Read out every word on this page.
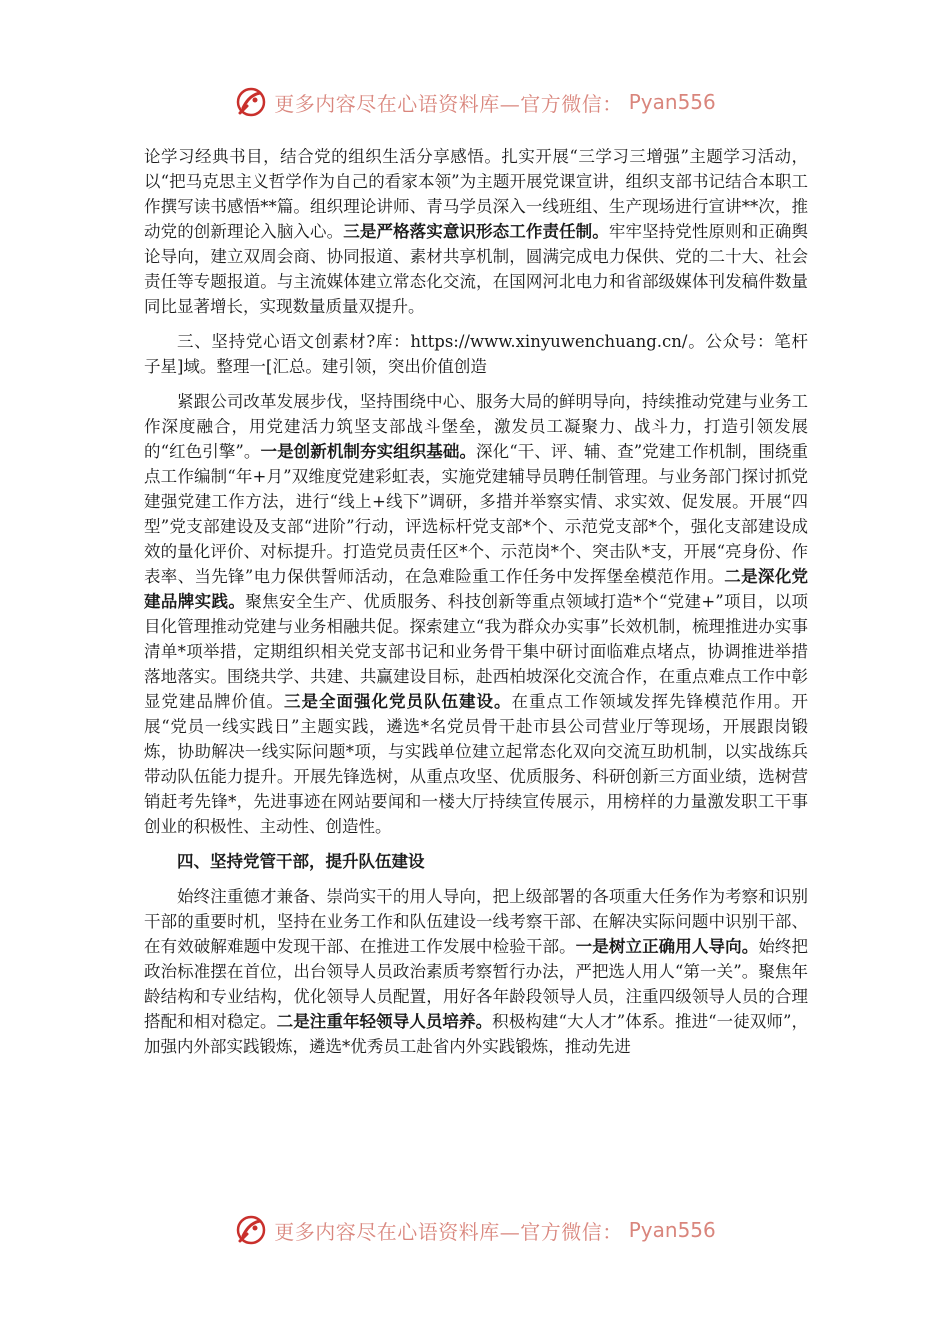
更多内容尽在心语资料库—官方微信： Pyan556

论学习经典书目，结合党的组织生活分享感悟。扎实开展“三学习三增强”主题学习活动，以“把马克思主义哲学作为自己的看家本领”为主题开展党课宣讲，组织支部书记结合本职工作撰写读书感悟**篇。组织理论讲师、青马学员深入一线班组、生产现场进行宣讲**次，推动党的创新理论入脑入心。三是严格落实意识形态工作责任制。牢牢坚持党性原则和正确舆论导向，建立双周会商、协同报道、素材共享机制，圆满完成电力保供、党的二十大、社会责任等专题报道。与主流媒体建立常态化交流，在国网河北电力和省部级媒体刊发稿件数量同比显著增长，实现数量质量双提升。

三、坚持党心语文创素材?库：https://www.xinyuwenchuang.cn/。公众号：笔杆子星]域。整理一[汇总。建引领，突出价值创造

紧跟公司改革发展步伐，坚持围绕中心、服务大局的鲜明导向，持续推动党建与业务工作深度融合，用党建活力筑坚支部战斗堡垒，激发员工凝聚力、战斗力，打造引领发展的“红色引擎”。一是创新机制夯实组织基础。深化“干、评、辅、查”党建工作机制，围绕重点工作编制“年+月”双维度党建彩虹表，实施党建辅导员聘任制管理。与业务部门探讨抓党建强党建工作方法，进行“线上+线下”调研，多措并举察实情、求实效、促发展。开展“四型”党支部建设及支部“进阶”行动，评选标杆党支部*个、示范党支部*个，强化支部建设成效的量化评价、对标提升。打造党员责任区*个、示范岗*个、突击队*支，开展“亮身份、作表率、当先锋”电力保供誓师活动，在急难险重工作任务中发挥堡垒模范作用。二是深化党建品牌实践。聚焦安全生产、优质服务、科技创新等重点领域打造*个“党建+”项目，以项目化管理推动党建与业务相融共促。探索建立“我为群众办实事”长效机制，梳理推进办实事清单*项举措，定期组织相关党支部书记和业务骨干集中研讨面临难点堵点，协调推进举措落地落实。围绕共学、共建、共赢建设目标，赴西柏坡深化交流合作，在重点难点工作中彰显党建品牌价值。三是全面强化党员队伍建设。在重点工作领域发挥先锋模范作用。开展“党员一线实践日”主题实践，遴选*名党员骨干赴市县公司营业厅等现场，开展跟岗锻炼，协助解决一线实际问题*项，与实践单位建立起常态化双向交流互助机制，以实战练兵带动队伍能力提升。开展先锋选树，从重点攻坚、优质服务、科研创新三方面业绩，选树营销赶考先锋*，先进事迹在网站要闻和一楼大厅持续宣传展示，用榜样的力量激发职工干事创业的积极性、主动性、创造性。

四、坚持党管干部，提升队伍建设

始终注重德才兼备、崇尚实干的用人导向，把上级部署的各项重大任务作为考察和识别干部的重要时机，坚持在业务工作和队伍建设一线考察干部、在解决实际问题中识别干部、在有效破解难题中发现干部、在推进工作发展中检验干部。一是树立正确用人导向。始终把政治标准摆在首位，出台领导人员政治素质考察暂行办法，严把选人用人“第一关”。聚焦年龄结构和专业结构，优化领导人员配置，用好各年龄段领导人员，注重四级领导人员的合理搭配和相对稳定。二是注重年轻领导人员培养。积极构建“大人才”体系。推进“一徒双师”，加强内外部实践锻炼，遴选*优秀员工赴省内外实践锻炼，推动先进

更多内容尽在心语资料库—官方微信： Pyan556
